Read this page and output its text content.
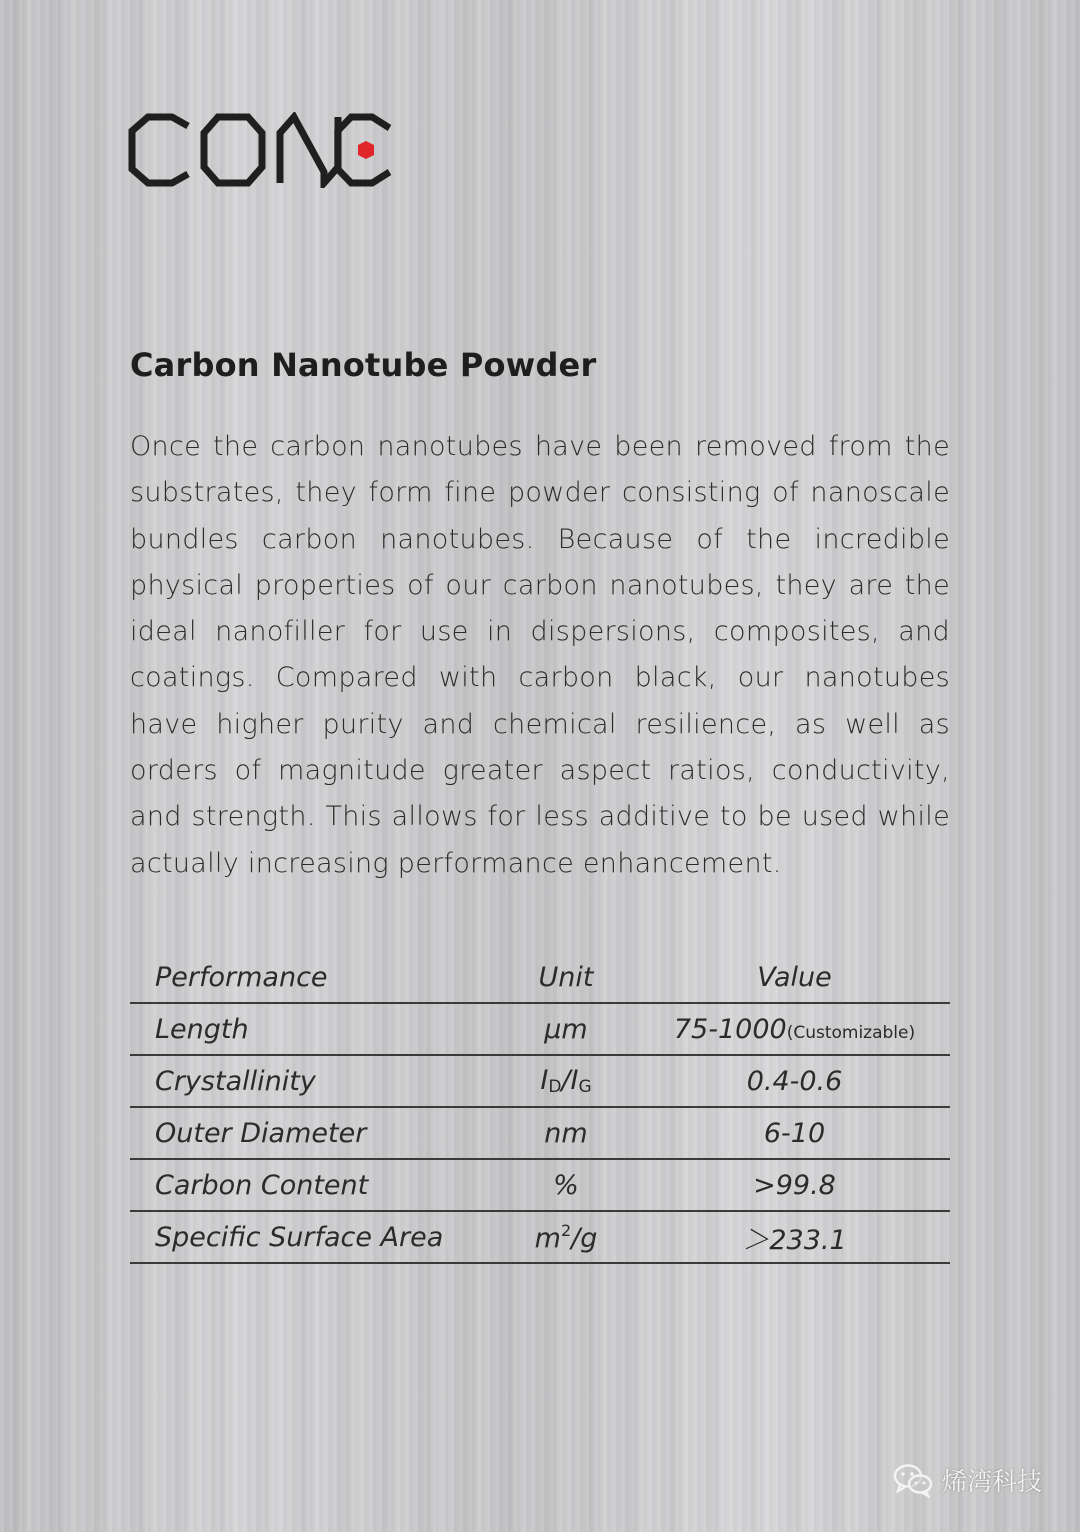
Carbon Nanotube Powder

Once the carbon nanotubes have been removed from the substrates, they form fine powder consisting of nanoscale bundles carbon nanotubes. Because of the incredible physical properties of our carbon nanotubes, they are the ideal nanofiller for use in dispersions, composites, and coatings. Compared with carbon black, our nanotubes have higher purity and chemical resilience, as well as orders of magnitude greater aspect ratios, conductivity, and strength. This allows for less additive to be used while actually increasing performance enhancement.

Performance	Unit	Value
Length	μm	75-1000(Customizable)
Crystallinity	ID/IG	0.4-0.6
Outer Diameter	nm	6-10
Carbon Content	%	>99.8
Specific Surface Area	$m^2/g$	＞233.1
烯湾科技
